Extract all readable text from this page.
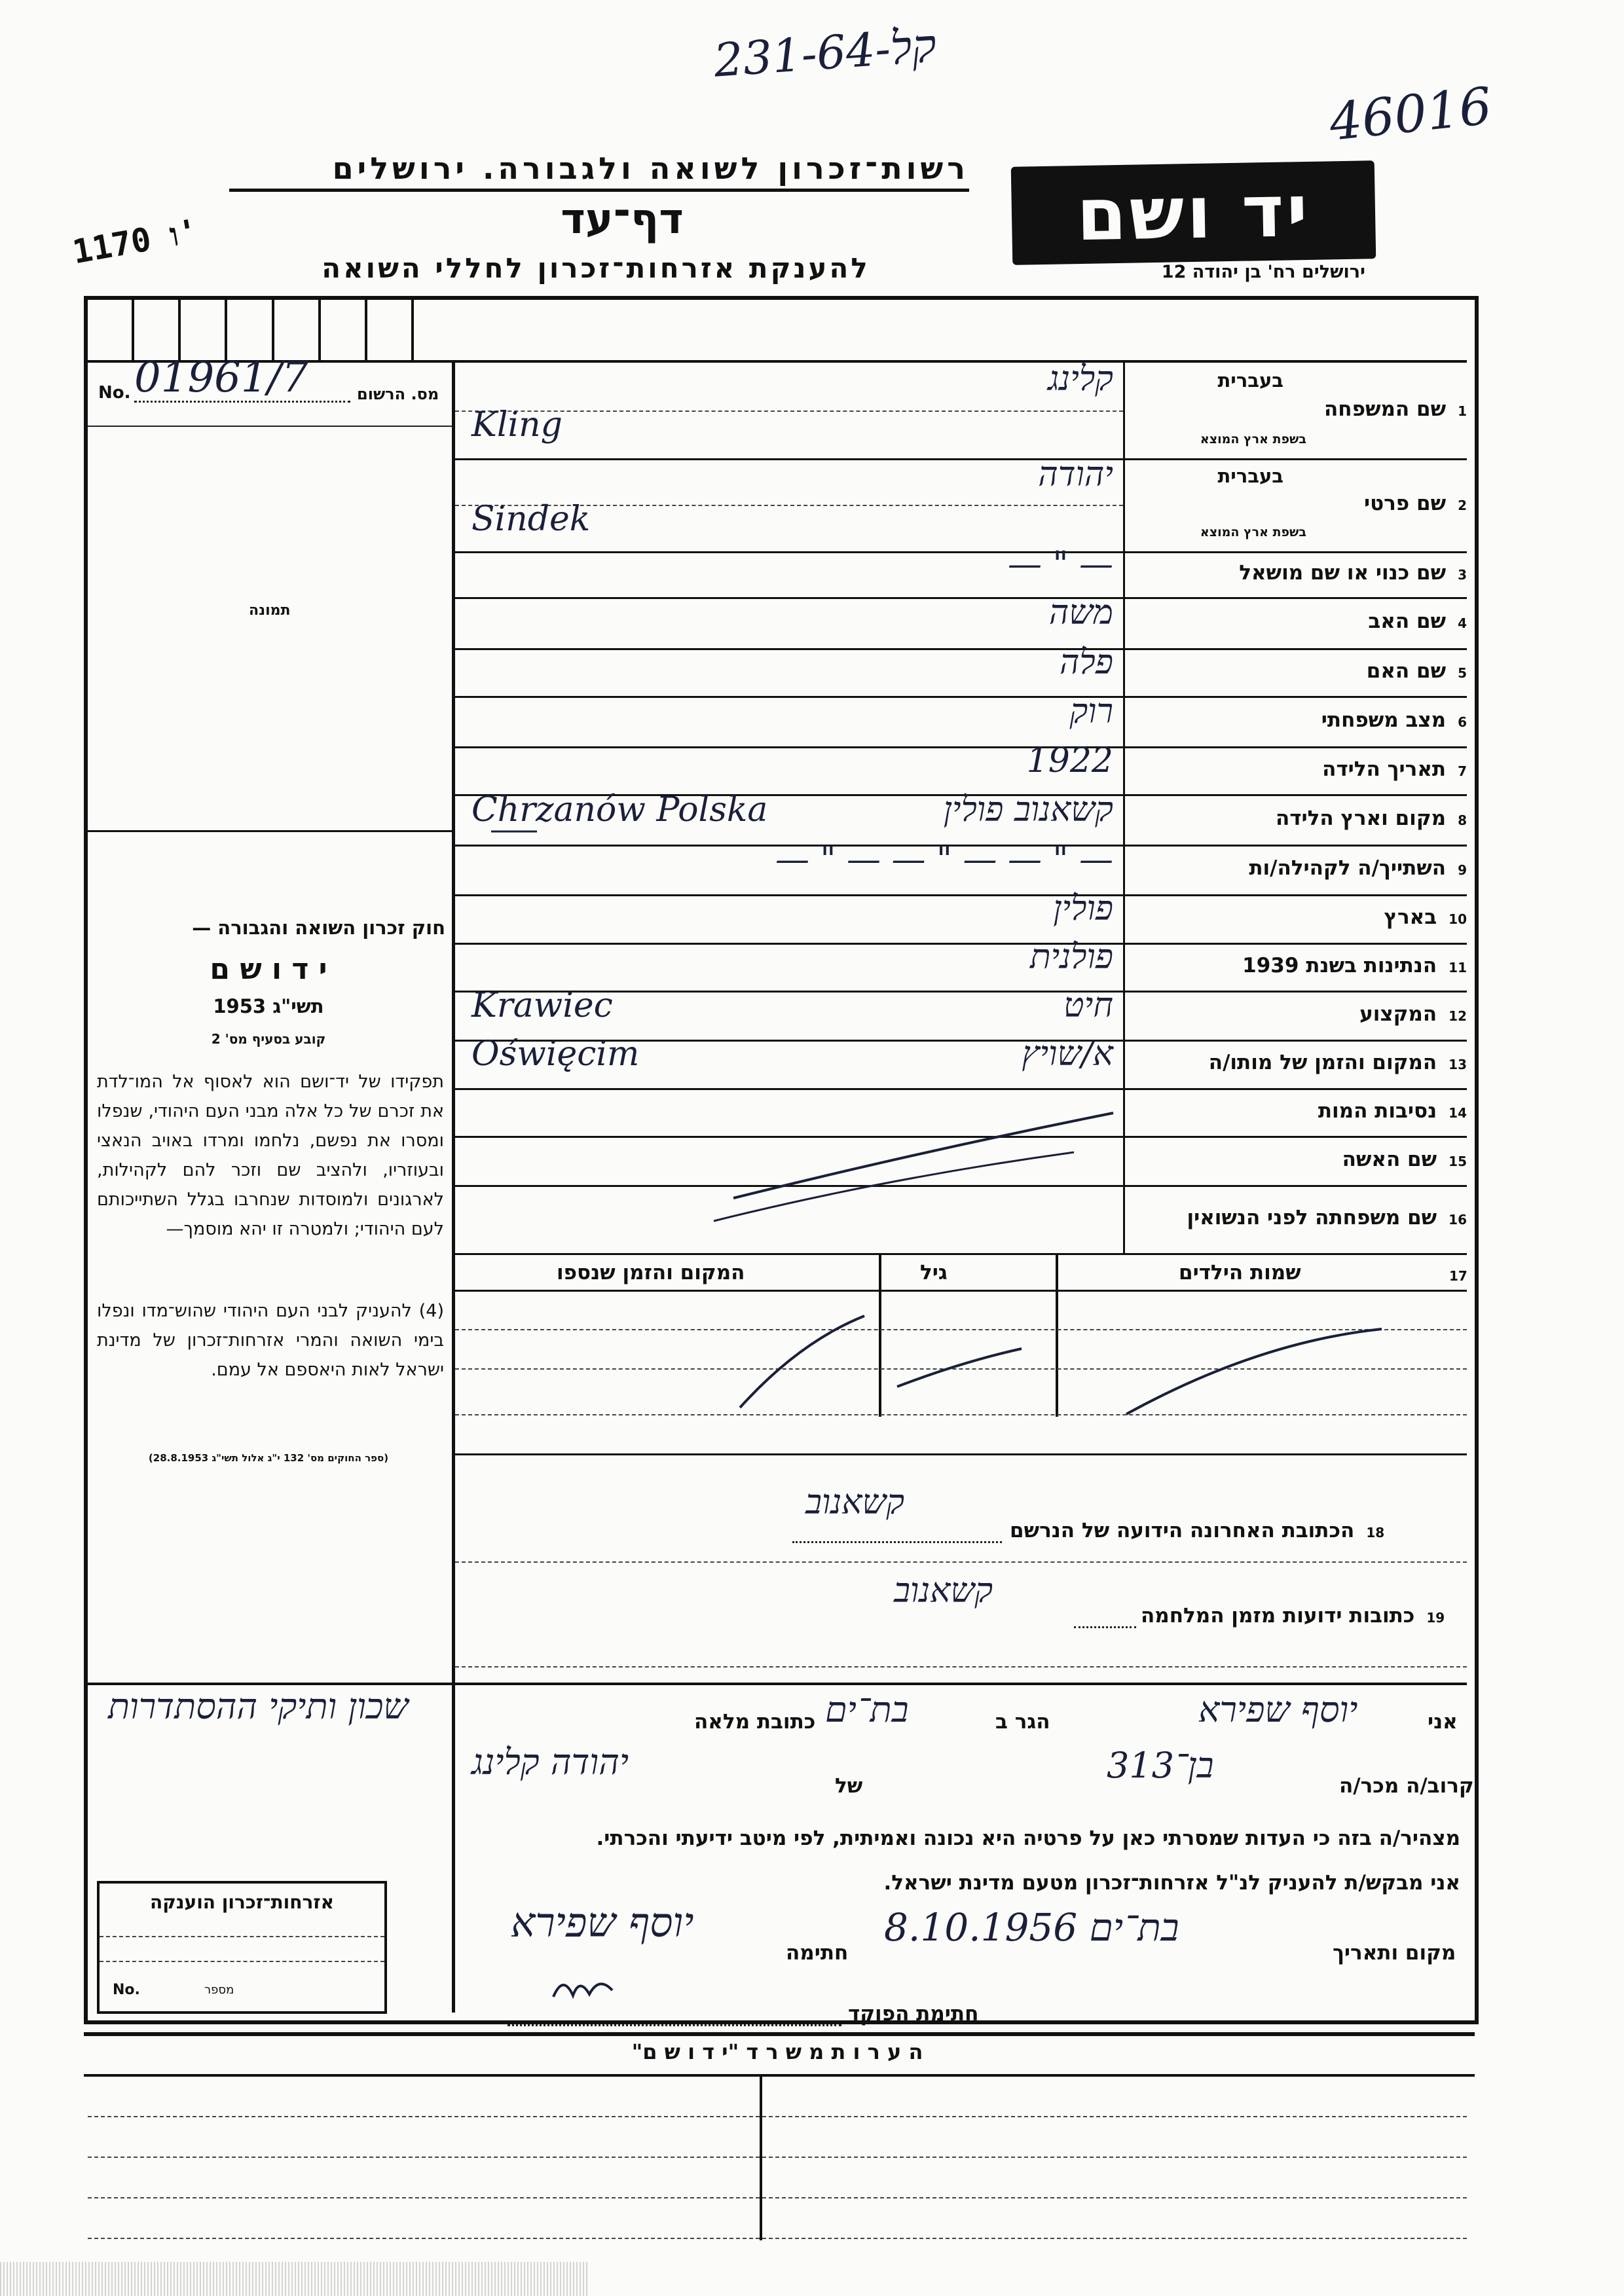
231-64-קל
46016
1170 ו'	יד ושם
ירושלים רח' בן יהודה 12
רשות־זכרון לשואה ולגבורה. ירושלים
דף־עד
להענקת אזרחות־זכרון לחללי השואה
No. 01961/7	מס. הרשום
תמונה
חוק זכרון השואה והגבורה —
י ד ו ש ם
תשי"ג 1953
קובע בסעיף מס' 2
תפקידו של יד־ושם הוא לאסוף אל המו־לדת את זכרם של כל אלה מבני העם היהודי, שנפלו ומסרו את נפשם, נלחמו ומרדו באויב הנאצי ובעוזריו, ולהציב שם וזכר להם לקהילות, לארגונים ולמוסדות שנחרבו בגלל השתייכותם לעם היהודי; ולמטרה זו יהא מוסמך—
(4) להעניק לבני העם היהודי שהוש־מדו ונפלו בימי השואה והמרי אזרחות־זכרון של מדינת ישראל לאות היאספם אל עמם.
(ספר החוקים מס' 132 י"ג אלול תשי"ג 28.8.1953)
1שם המשפחה
בעברית
בשפת ארץ המוצא
קלינג
Kling
2שם פרטי
בעברית
בשפת ארץ המוצא
יהודה
Sindek
3שם כנוי או שם מושאל
— " —
4שם האב
משה
5שם האם
פלה
6מצב משפחתי
רוק
7תאריך הלידה
1922
8מקום וארץ הלידה
קשאנוב פולין
Chrzanów Polska
9השתייך/ה לקהילה/ות
— " — — " — — " —
10בארץ
פולין
11הנתינות בשנת 1939
פולנית
12המקצוע
חיט
Krawiec
13המקום והזמן של מותו/ה
א/שויץ
Oświęcim
14נסיבות המות
15שם האשה
16שם משפחתה לפני הנשואין
17
שמות הילדים
גיל
המקום והזמן שנספו
18הכתובת האחרונה הידועה של הנרשם
קשאנוב
19כתובות ידועות מזמן המלחמה
קשאנוב
אני
יוסף שפירא
הגר ב
בת־ים
כתובת מלאה
שכון ותיקי ההסתדרות
קרוב/ה מכר/ה
בן־313
של
יהודה קלינג
מצהיר/ה בזה כי העדות שמסרתי כאן על פרטיה היא נכונה ואמיתית, לפי מיטב ידיעתי והכרתי.
אני מבקש/ת להעניק לנ"ל אזרחות־זכרון מטעם מדינת ישראל.
מקום ותאריך
בת־ים 8.10.1956
חתימה
יוסף שפירא
חתימת הפוקד
אזרחות־זכרון הוענקה
No.	מספר
ה ע ר ו ת מ ש ר ד "י ד ו ש ם"
